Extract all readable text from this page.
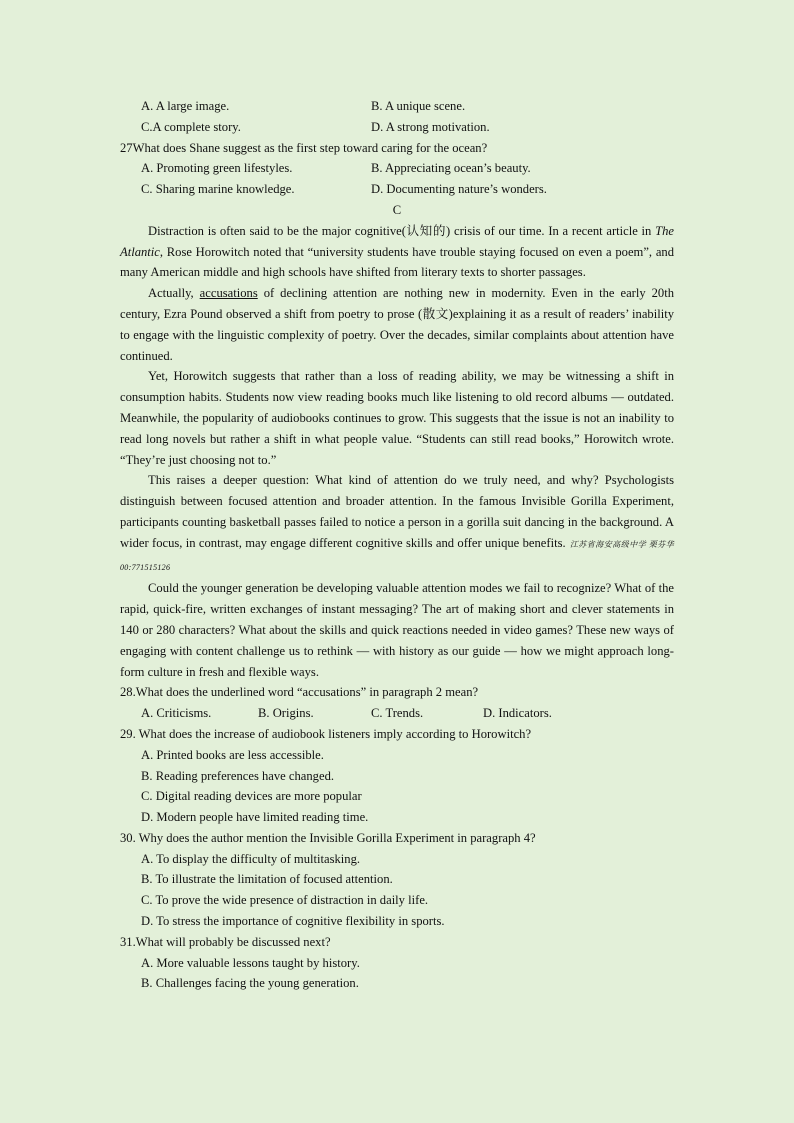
A. A large image.	B. A unique scene.
C.A complete story.	D. A strong motivation.
27What does Shane suggest as the first step toward caring for the ocean?
A. Promoting green lifestyles.	B. Appreciating ocean’s beauty.
C. Sharing marine knowledge.	D. Documenting nature’s wonders.
C

Distraction is often said to be the major cognitive(认知的) crisis of our time. In a recent article in The Atlantic, Rose Horowitch noted that “university students have trouble staying focused on even a poem”, and many American middle and high schools have shifted from literary texts to shorter passages.

Actually, accusations of declining attention are nothing new in modernity. Even in the early 20th century, Ezra Pound observed a shift from poetry to prose (散文)explaining it as a result of readers’ inability to engage with the linguistic complexity of poetry. Over the decades, similar complaints about attention have continued.

Yet, Horowitch suggests that rather than a loss of reading ability, we may be witnessing a shift in consumption habits. Students now view reading books much like listening to old record albums — outdated. Meanwhile, the popularity of audiobooks continues to grow. This suggests that the issue is not an inability to read long novels but rather a shift in what people value. “Students can still read books,” Horowitch wrote. “They’re just choosing not to.”

This raises a deeper question: What kind of attention do we truly need, and why? Psychologists distinguish between focused attention and broader attention. In the famous Invisible Gorilla Experiment, participants counting basketball passes failed to notice a person in a gorilla suit dancing in the background. A wider focus, in contrast, may engage different cognitive skills and offer unique benefits. 江苏省海安高级中学 栗芬华 00:771515126

Could the younger generation be developing valuable attention modes we fail to recognize? What of the rapid, quick-fire, written exchanges of instant messaging? The art of making short and clever statements in 140 or 280 characters? What about the skills and quick reactions needed in video games? These new ways of engaging with content challenge us to rethink — with history as our guide — how we might approach long-form culture in fresh and flexible ways.

28.What does the underlined word “accusations” in paragraph 2 mean?
A. Criticisms.	B. Origins.	C. Trends.	D. Indicators.
29. What does the increase of audiobook listeners imply according to Horowitch?
A. Printed books are less accessible.
B. Reading preferences have changed.
C. Digital reading devices are more popular
D. Modern people have limited reading time.
30. Why does the author mention the Invisible Gorilla Experiment in paragraph 4?
A. To display the difficulty of multitasking.
B. To illustrate the limitation of focused attention.
C. To prove the wide presence of distraction in daily life.
D. To stress the importance of cognitive flexibility in sports.
31.What will probably be discussed next?
A. More valuable lessons taught by history.
B. Challenges facing the young generation.
